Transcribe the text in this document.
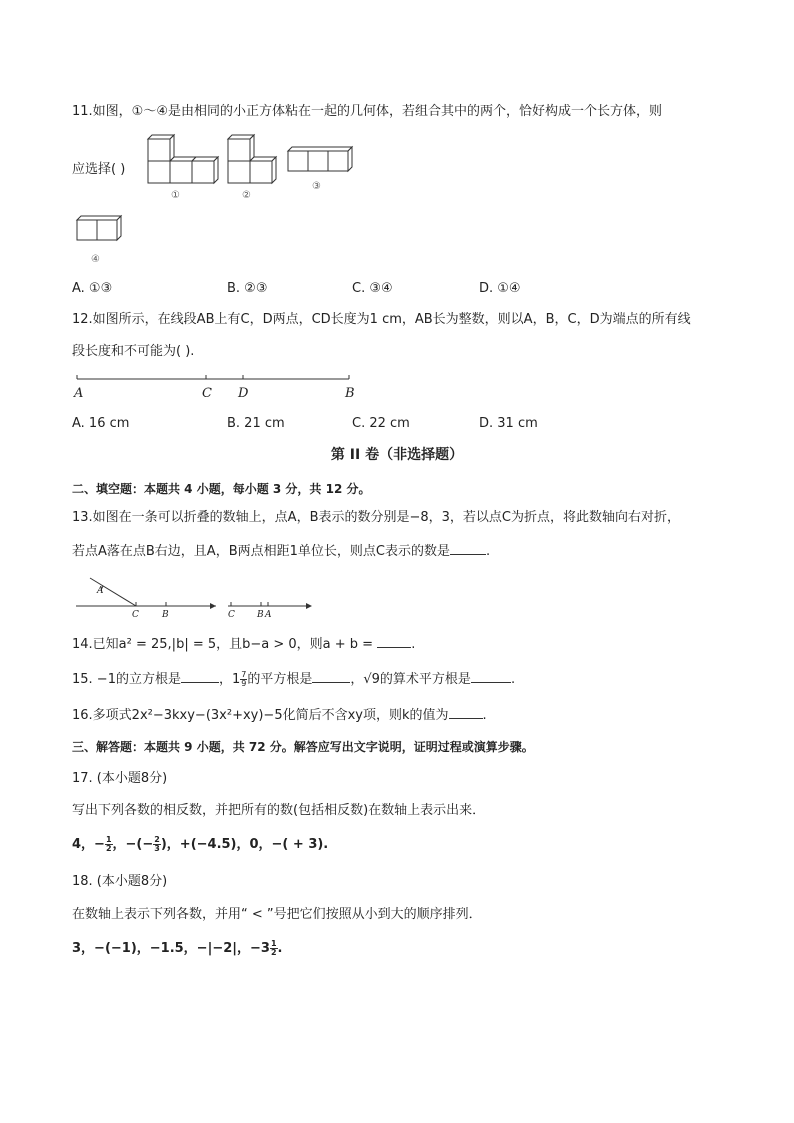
11.如图，①～④是由相同的小正方体粘在一起的几何体，若组合其中的两个，恰好构成一个长方体，则
应选择( )
①	②
③
④
A. ①③	B. ②③	C. ③④	D. ①④
12.如图所示，在线段AB上有C，D两点，CD长度为1 cm，AB长为整数，则以A，B，C，D为端点的所有线
段长度和不可能为( ).
A	C D	B
A. 16 cm	B. 21 cm	C. 22 cm	D. 31 cm
第 II 卷（非选择题）
二、填空题：本题共 4 小题，每小题 3 分，共 12 分。
13.如图在一条可以折叠的数轴上，点A，B表示的数分别是−8，3，若以点C为折点，将此数轴向右对折，
若点A落在点B右边，且A，B两点相距1单位长，则点C表示的数是	.
A
C	B	C B A
14.已知a² = 25,|b| = 5，且b−a > 0，则a + b =	.
15. −1的立方根是	，$1 \frac{7}{9}$ 的平方根是	，√9的算术平方根是	.
16.多项式2x²−3kxy−(3x²+xy)−5化简后不含xy项，则k的值为	.
三、解答题：本题共 9 小题，共 72 分。解答应写出文字说明，证明过程或演算步骤。
17. (本小题8分)
写出下列各数的相反数，并把所有的数(包括相反数)在数轴上表示出来．
4，− $\frac{1}{2}$ ，−(− $\frac{2}{3}$ )，+(−4.5)，0，−( + 3).
18. (本小题8分)
在数轴上表示下列各数，并用“ < ”号把它们按照从小到大的顺序排列．
3，−(−1)，−1.5，−|−2|，$-3 \frac{1}{2}$ .
